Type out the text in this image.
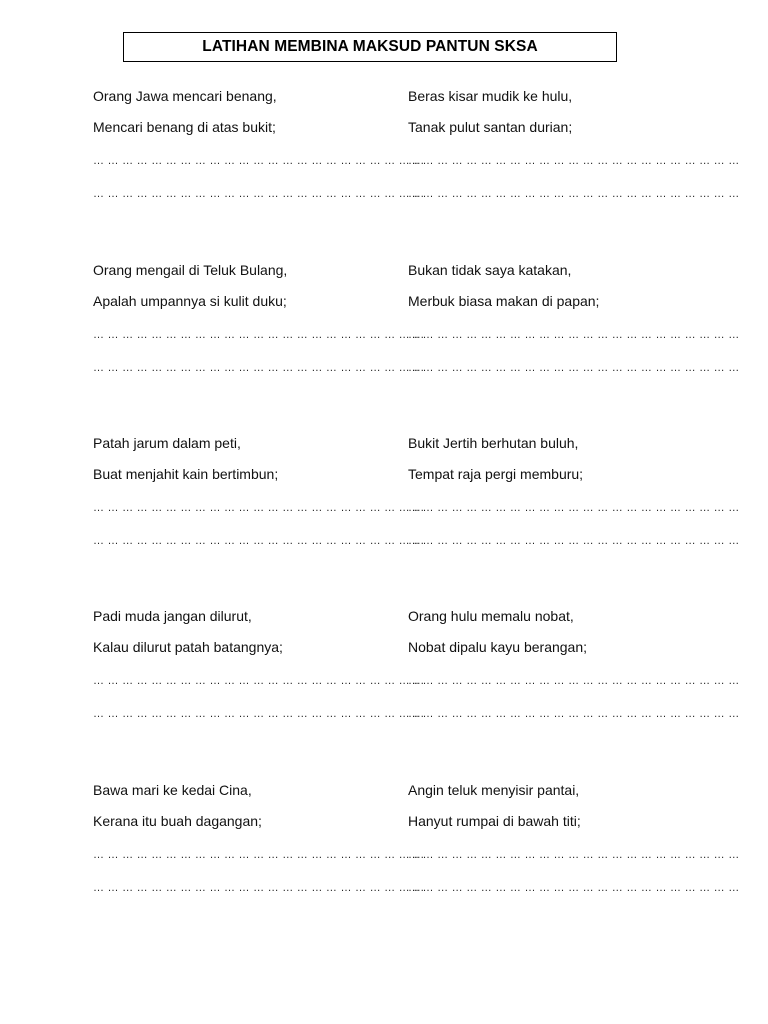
LATIHAN MEMBINA MAKSUD PANTUN SKSA
Orang Jawa mencari benang,
Mencari benang di atas bukit;
… … … … … … … … … … … … … … … … … … … … … … …
… … … … … … … … … … … … … … … … … … … … … … …
Beras kisar mudik ke hulu,
Tanak pulut santan durian;
… … … … … … … … … … … … … … … … … … … … … … …
… … … … … … … … … … … … … … … … … … … … … … …
Orang mengail di Teluk Bulang,
Apalah umpannya si kulit duku;
… … … … … … … … … … … … … … … … … … … … … … …
… … … … … … … … … … … … … … … … … … … … … … …
Bukan tidak saya katakan,
Merbuk biasa makan di papan;
… … … … … … … … … … … … … … … … … … … … … … …
… … … … … … … … … … … … … … … … … … … … … … …
Patah jarum dalam peti,
Buat menjahit kain bertimbun;
… … … … … … … … … … … … … … … … … … … … … … …
… … … … … … … … … … … … … … … … … … … … … … …
Bukit Jertih berhutan buluh,
Tempat raja pergi memburu;
… … … … … … … … … … … … … … … … … … … … … … …
… … … … … … … … … … … … … … … … … … … … … … …
Padi muda jangan dilurut,
Kalau dilurut patah batangnya;
… … … … … … … … … … … … … … … … … … … … … … …
… … … … … … … … … … … … … … … … … … … … … … …
Orang hulu memalu nobat,
Nobat dipalu kayu berangan;
… … … … … … … … … … … … … … … … … … … … … … …
… … … … … … … … … … … … … … … … … … … … … … …
Bawa mari ke kedai Cina,
Kerana itu buah dagangan;
… … … … … … … … … … … … … … … … … … … … … … …
… … … … … … … … … … … … … … … … … … … … … … …
Angin teluk menyisir pantai,
Hanyut rumpai di bawah titi;
… … … … … … … … … … … … … … … … … … … … … … …
… … … … … … … … … … … … … … … … … … … … … … …
